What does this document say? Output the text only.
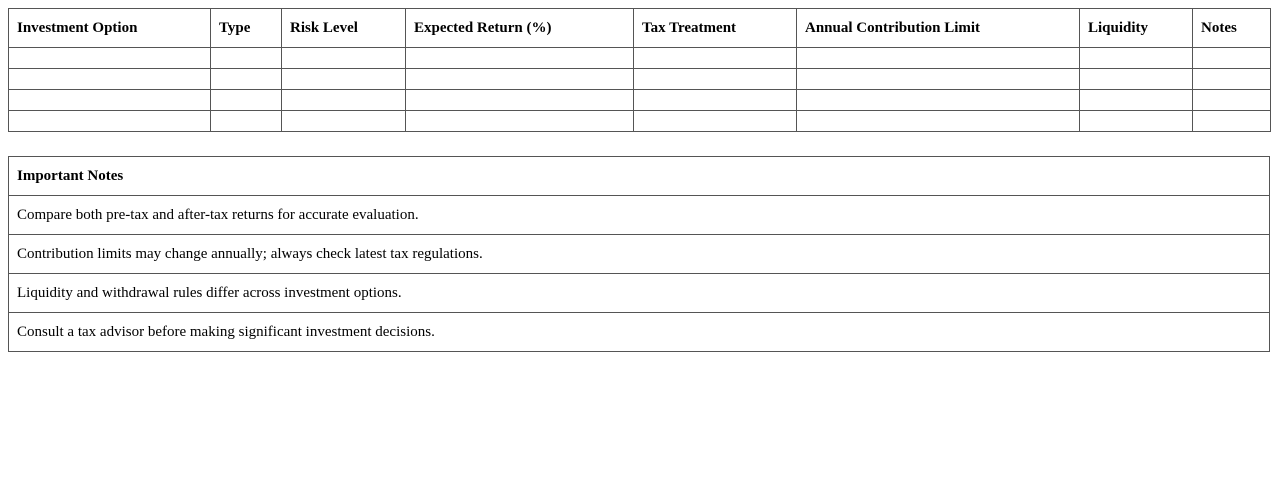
Investment Option	Type	Risk Level	Expected Return (%)	Tax Treatment	Annual Contribution Limit	Liquidity	Notes

Important Notes
Compare both pre-tax and after-tax returns for accurate evaluation.
Contribution limits may change annually; always check latest tax regulations.
Liquidity and withdrawal rules differ across investment options.
Consult a tax advisor before making significant investment decisions.
